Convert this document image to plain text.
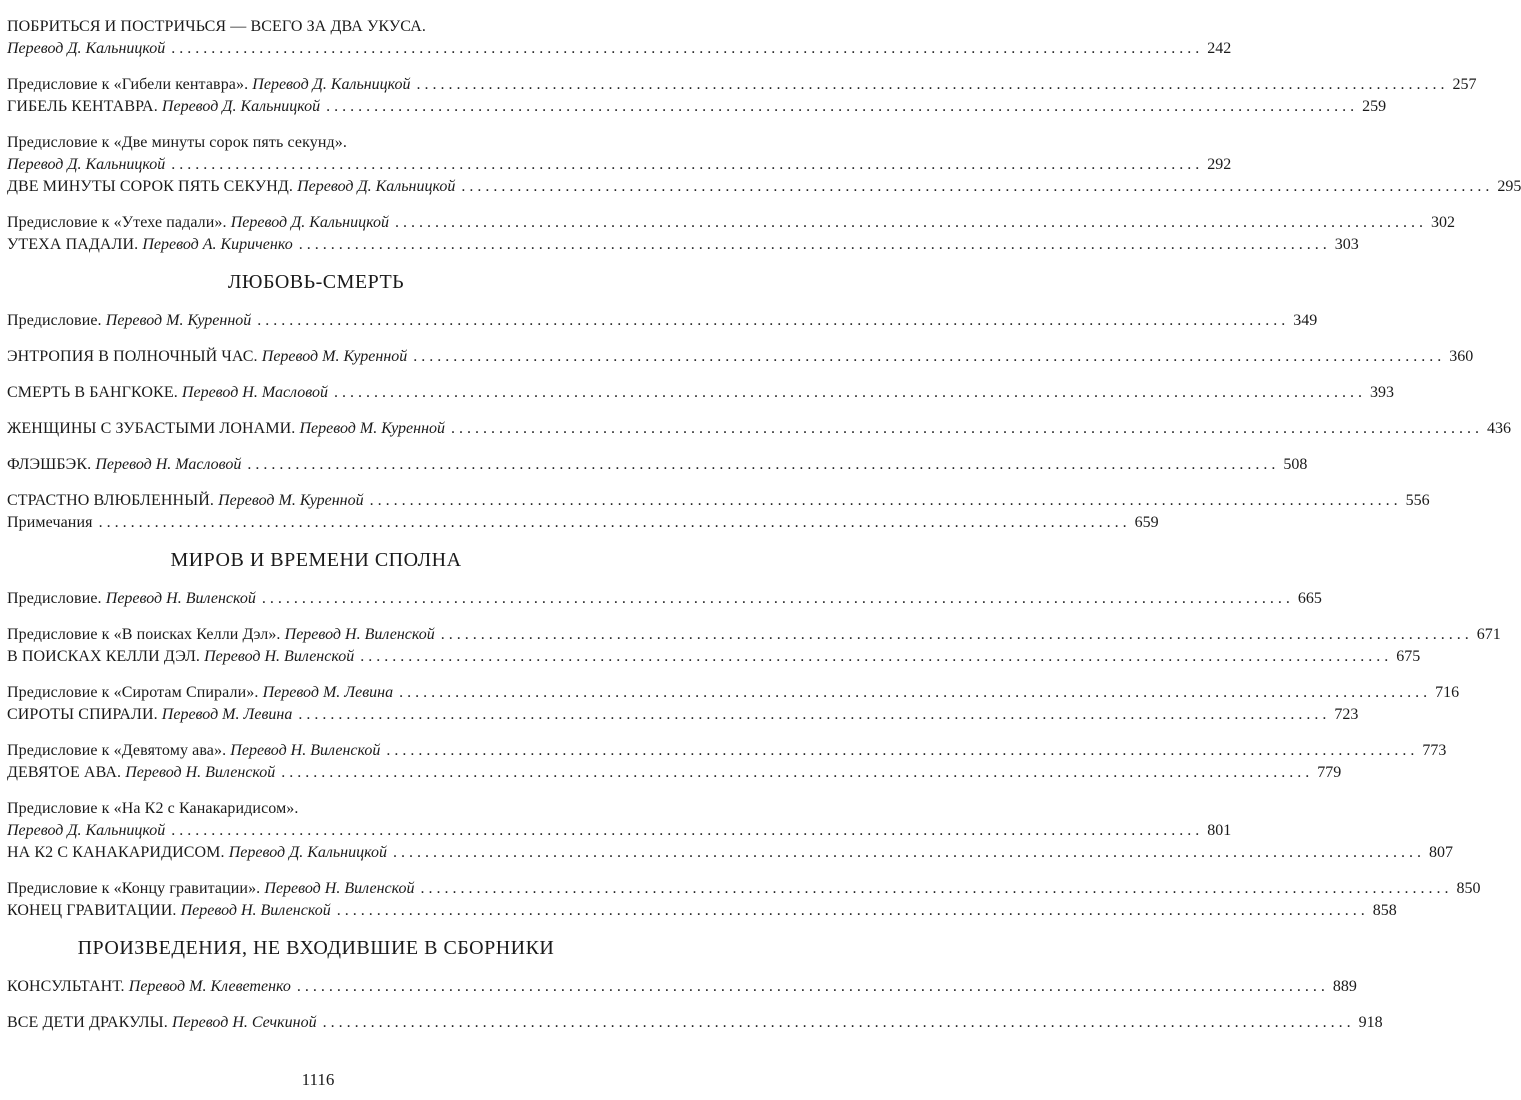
ПОБРИТЬСЯ И ПОСТРИЧЬСЯ — ВСЕГО ЗА ДВА УКУСА.
Перевод Д. Кальницкой . . .	242
Предисловие к «Гибели кентавра». Перевод Д. Кальницкой . . .	257
ГИБЕЛЬ КЕНТАВРА. Перевод Д. Кальницкой . . .	259
Предисловие к «Две минуты сорок пять секунд».
Перевод Д. Кальницкой . . .	292
ДВЕ МИНУТЫ СОРОК ПЯТЬ СЕКУНД. Перевод Д. Кальницкой . . .	295
Предисловие к «Утехе падали». Перевод Д. Кальницкой . . .	302
УТЕХА ПАДАЛИ. Перевод А. Кириченко . . .	303
ЛЮБОВЬ-СМЕРТЬ
Предисловие. Перевод М. Куренной . . .	349
ЭНТРОПИЯ В ПОЛНОЧНЫЙ ЧАС. Перевод М. Куренной . . .	360
СМЕРТЬ В БАНГКОКЕ. Перевод Н. Масловой . . .	393
ЖЕНЩИНЫ С ЗУБАСТЫМИ ЛОНАМИ. Перевод М. Куренной . . .	436
ФЛЭШБЭК. Перевод Н. Масловой . . .	508
СТРАСТНО ВЛЮБЛЕННЫЙ. Перевод М. Куренной . . .	556
Примечания . . .	659
МИРОВ И ВРЕМЕНИ СПОЛНА
Предисловие. Перевод Н. Виленской . . .	665
Предисловие к «В поисках Келли Дэл». Перевод Н. Виленской . . .	671
В ПОИСКАХ КЕЛЛИ ДЭЛ. Перевод Н. Виленской . . .	675
Предисловие к «Сиротам Спирали». Перевод М. Левина . . .	716
СИРОТЫ СПИРАЛИ. Перевод М. Левина . . .	723
Предисловие к «Девятому ава». Перевод Н. Виленской . . .	773
ДЕВЯТОЕ АВА. Перевод Н. Виленской . . .	779
Предисловие к «На К2 с Канакаридисом».
Перевод Д. Кальницкой . . .	801
НА К2 С КАНАКАРИДИСОМ. Перевод Д. Кальницкой . . .	807
Предисловие к «Концу гравитации». Перевод Н. Виленской . . .	850
КОНЕЦ ГРАВИТАЦИИ. Перевод Н. Виленской . . .	858
ПРОИЗВЕДЕНИЯ, НЕ ВХОДИВШИЕ В СБОРНИКИ
КОНСУЛЬТАНТ. Перевод М. Клеветенко . . .	889
ВСЕ ДЕТИ ДРАКУЛЫ. Перевод Н. Сечкиной . . .	918
1116
